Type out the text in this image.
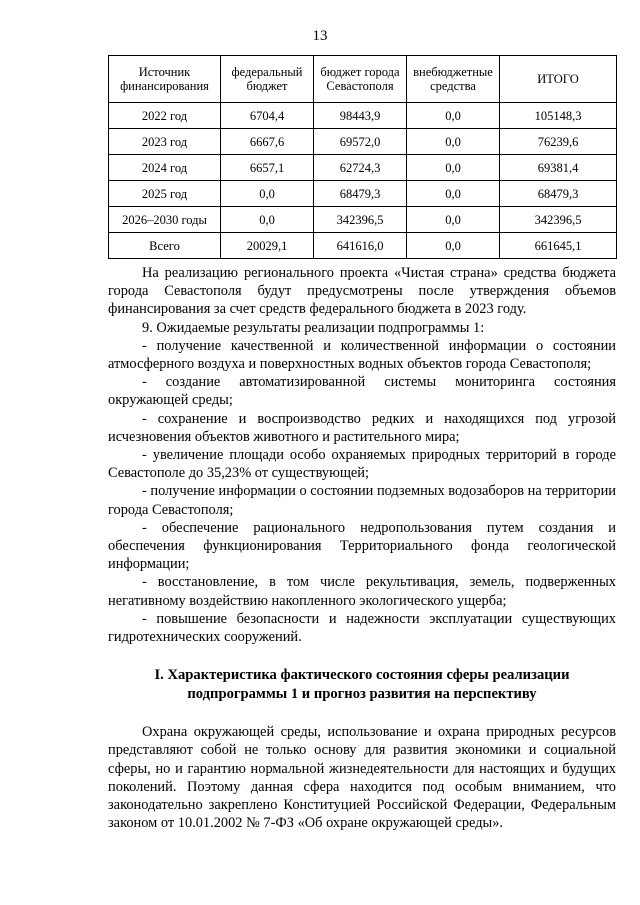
13
Источник финансирования	федеральный бюджет	бюджет города Севастополя	внебюджетные средства	ИТОГО
2022 год	6704,4	98443,9	0,0	105148,3
2023 год	6667,6	69572,0	0,0	76239,6
2024 год	6657,1	62724,3	0,0	69381,4
2025 год	0,0	68479,3	0,0	68479,3
2026–2030 годы	0,0	342396,5	0,0	342396,5
Всего	20029,1	641616,0	0,0	661645,1

На реализацию регионального проекта «Чистая страна» средства бюджета города Севастополя будут предусмотрены после утверждения объемов финансирования за счет средств федерального бюджета в 2023 году.

9. Ожидаемые результаты реализации подпрограммы 1:

- получение качественной и количественной информации о состоянии атмосферного воздуха и поверхностных водных объектов города Севастополя;

- создание автоматизированной системы мониторинга состояния окружающей среды;

- сохранение и воспроизводство редких и находящихся под угрозой исчезновения объектов животного и растительного мира;

- увеличение площади особо охраняемых природных территорий в городе Севастополе до 35,23% от существующей;

- получение информации о состоянии подземных водозаборов на территории города Севастополя;

- обеспечение рационального недропользования путем создания и обеспечения функционирования Территориального фонда геологической информации;

- восстановление, в том числе рекультивация, земель, подверженных негативному воздействию накопленного экологического ущерба;

- повышение безопасности и надежности эксплуатации существующих гидротехнических сооружений.

I. Характеристика фактического состояния сферы реализации
подпрограммы 1 и прогноз развития на перспективу

Охрана окружающей среды, использование и охрана природных ресурсов представляют собой не только основу для развития экономики и социальной сферы, но и гарантию нормальной жизнедеятельности для настоящих и будущих поколений. Поэтому данная сфера находится под особым вниманием, что законодательно закреплено Конституцией Российской Федерации, Федеральным законом от 10.01.2002 № 7-ФЗ «Об охране окружающей среды».
